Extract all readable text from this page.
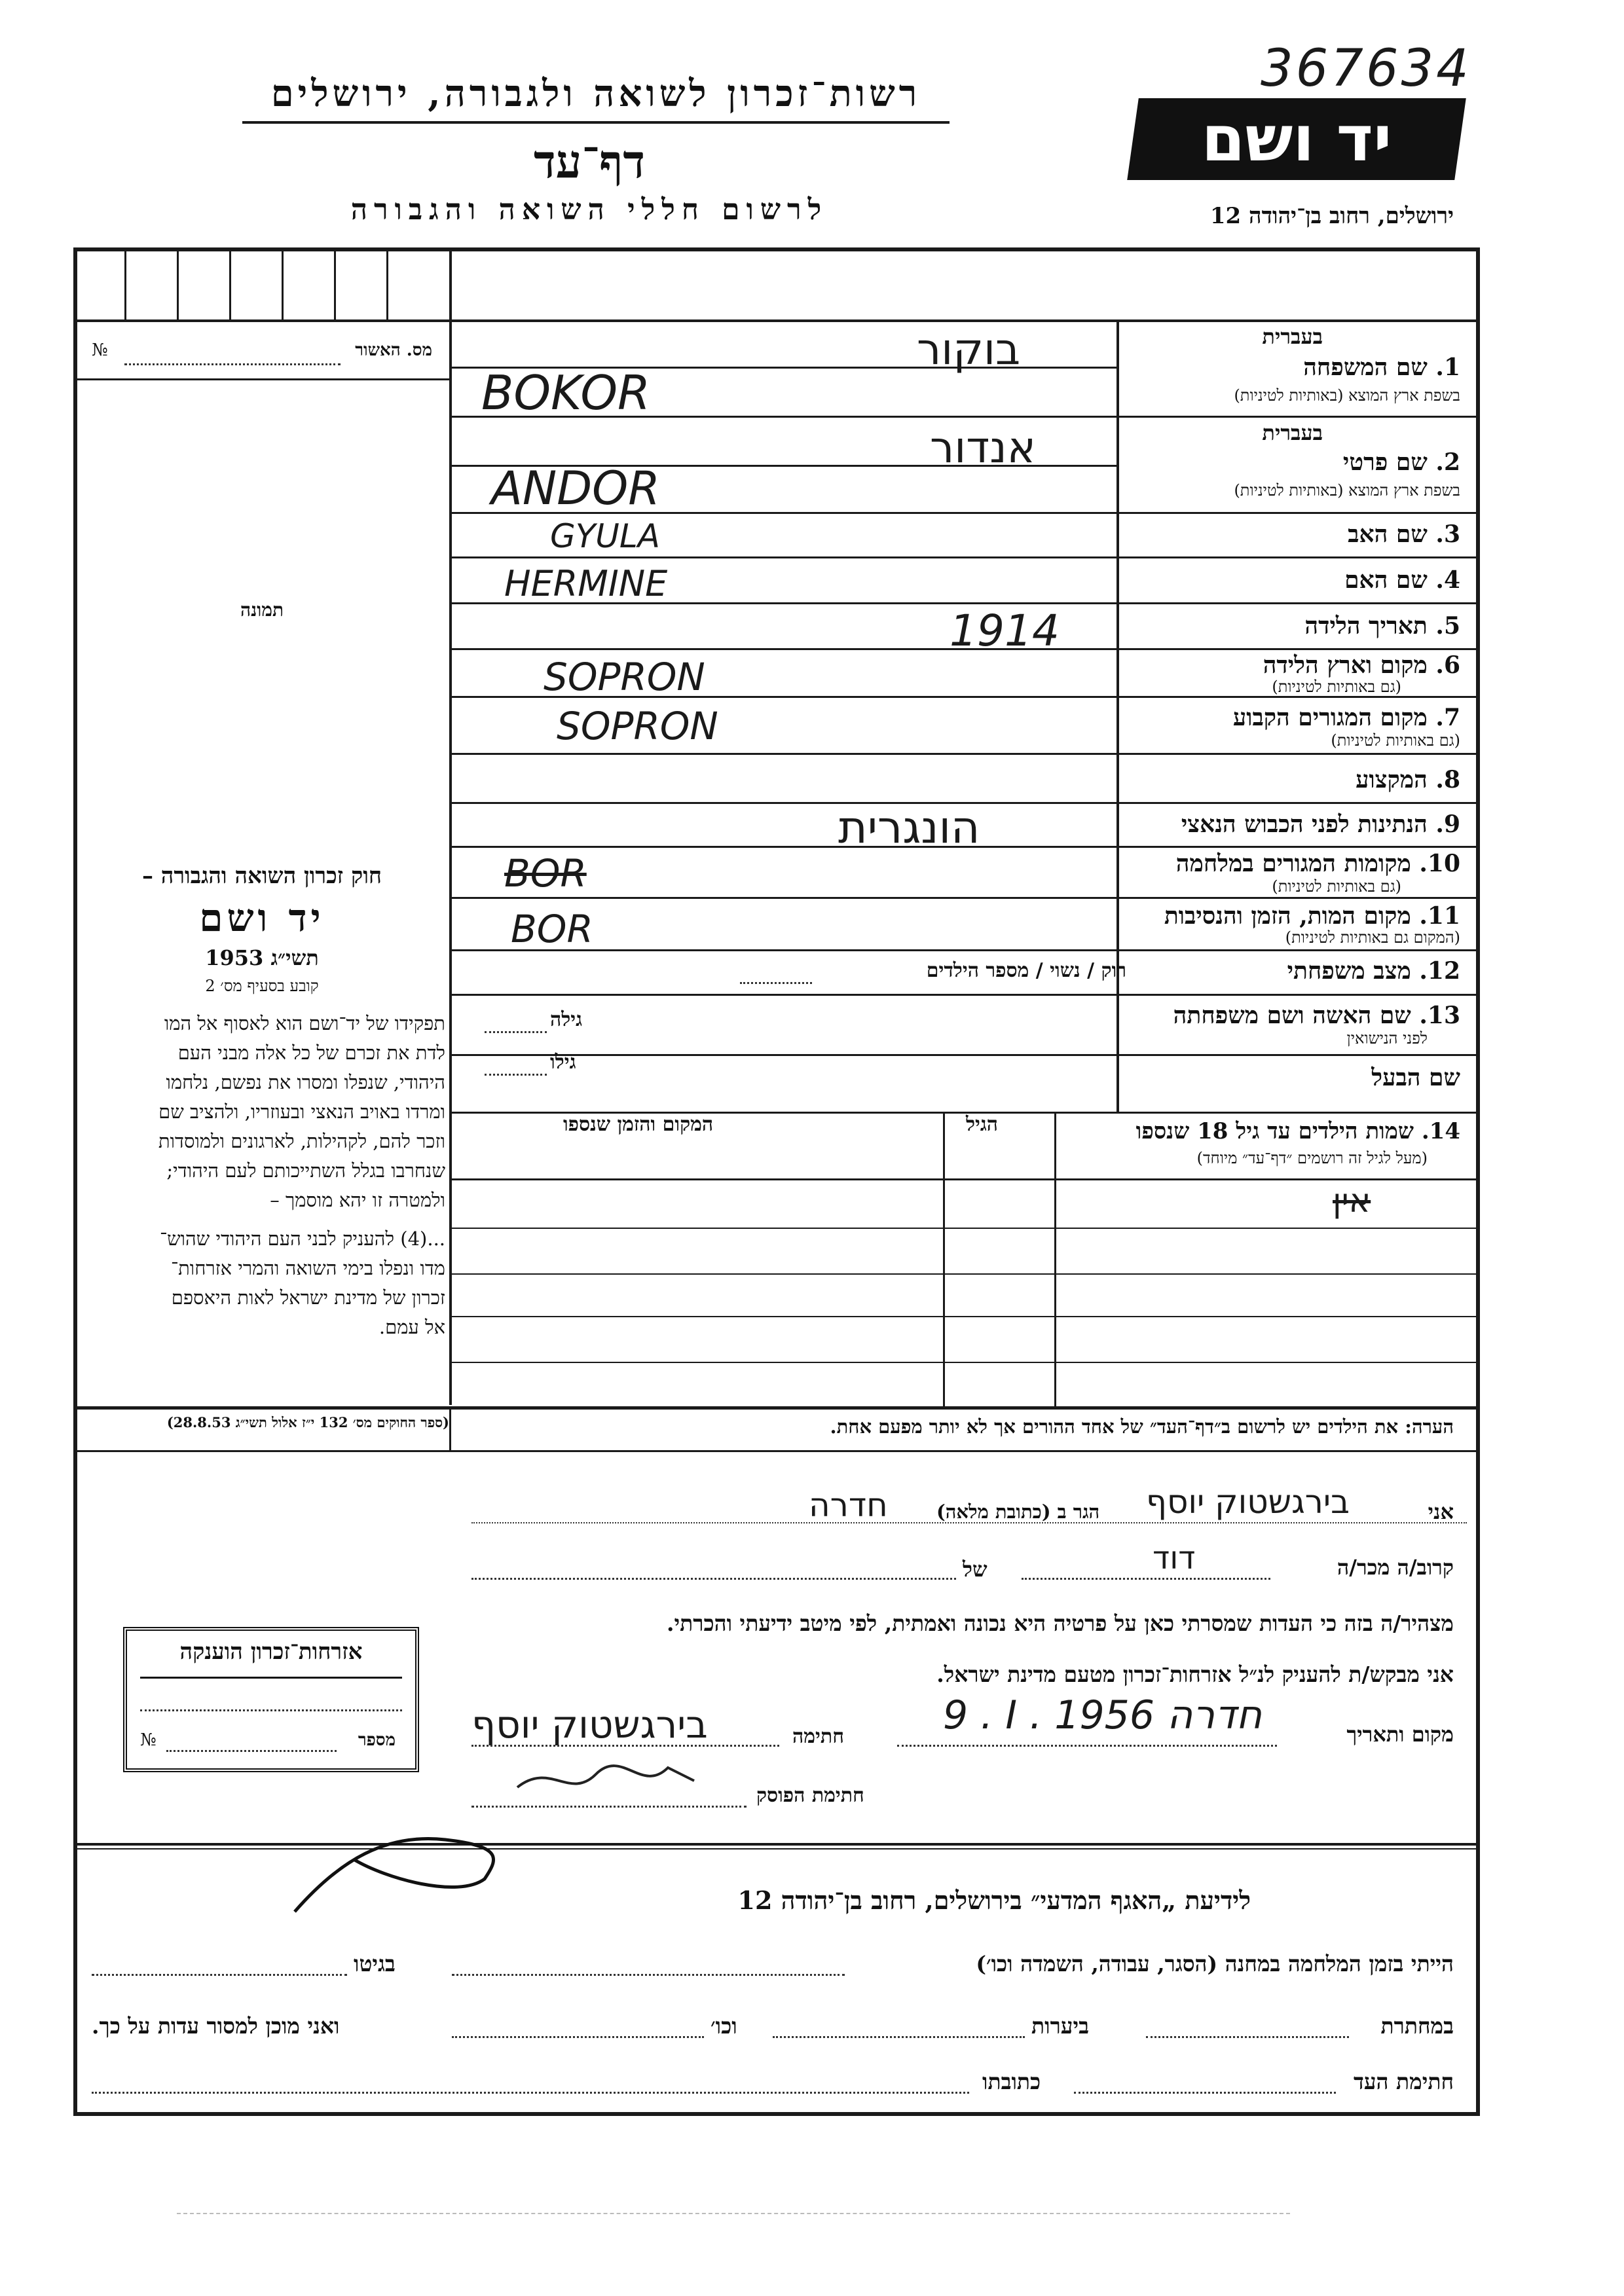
367634
רשות־זכרון לשואה ולגבורה, ירושלים
דף־עד
לרשום חללי השואה והגבורה
יד ושם
ירושלים, רחוב בן־יהודה 12
מס. האשור
№
תמונה
חוק זכרון השואה והגבורה –
יד ושם
תשי״ג 1953
קובע בסעיף מס׳ 2
תפקידו של יד־ושם הוא לאסוף אל המו
לדת את זכרם של כל אלה מבני העם
היהודי, שנפלו ומסרו את נפשם, נלחמו
ומרדו באויב הנאצי ובעוזריו, ולהציב שם
וזכר להם, לקהילות, לארגונים ולמוסדות
שנחרבו בגלל השתייכותם לעם היהודי;
ולמטרה זו יהא מוסמך –
...(4) להעניק לבני העם היהודי שהוש־
מדו ונפלו בימי השואה והמרי אזרחות־
זכרון של מדינת ישראל לאות היאספם
אל עמם.
(ספר החוקים מס׳ 132 י״ז אלול תשי״ג 28.8.53)
בעברית
1. שם המשפחה
בשפת ארץ המוצא (באותיות לטיניות)
בוקור
BOKOR
בעברית
2. שם פרטי
בשפת ארץ המוצא (באותיות לטיניות)
אנדור
ANDOR
3. שם האב
GYULA
4. שם האם
HERMINE
5. תאריך הלידה
1914
6. מקום וארץ הלידה
(גם באותיות לטיניות)
SOPRON
7. מקום המגורים הקבוע
(גם באותיות לטיניות)
SOPRON
8. המקצוע
9. הנתינות לפני הכבוש הנאצי
הונגרית
10. מקומות המגורים במלחמה
(גם באותיות לטיניות)
BOR
11. מקום המות, הזמן והנסיבות
(המקום גם באותיות לטיניות)
BOR
12. מצב משפחתי
רוק / נשוי / מספר הילדים
13. שם האשה ושם משפחתה
לפני הנישואין
גילה
שם הבעל
גילו
14. שמות הילדים עד גיל 18 שנספו
(מעל לגיל זה רושמים ״דף־עד״ מיוחד)
הגיל
המקום והזמן שנספו
אין
הערה: את הילדים יש לרשום ב״דף־העד״ של אחד ההורים אך לא יותר מפעם אחת.
אני
בירגשטוק יוסף
הגר ב (כתובת מלאה)
חדרה
קרוב/ה מכר/ה
דוד
של
מצהיר/ה בזה כי העדות שמסרתי כאן על פרטיה היא נכונה ואמתית, לפי מיטב ידיעתי והכרתי.
אני מבקש/ת להעניק לנ״ל אזרחות־זכרון מטעם מדינת ישראל.
מקום ותאריך
9 . I . 1956 חדרה
חתימה
בירגשטוק יוסף
חתימת הפוסק
אזרחות־זכרון הוענקה
מספר
№
לידיעת „האגף המדעי״ בירושלים, רחוב בן־יהודה 12
הייתי בזמן המלחמה במחנה (הסגר, עבודה, השמדה וכו׳)
בגיטו
במחתרת
ביערות
וכו׳
ואני מוכן למסור עדות על כך.
חתימת העד
כתובתו
